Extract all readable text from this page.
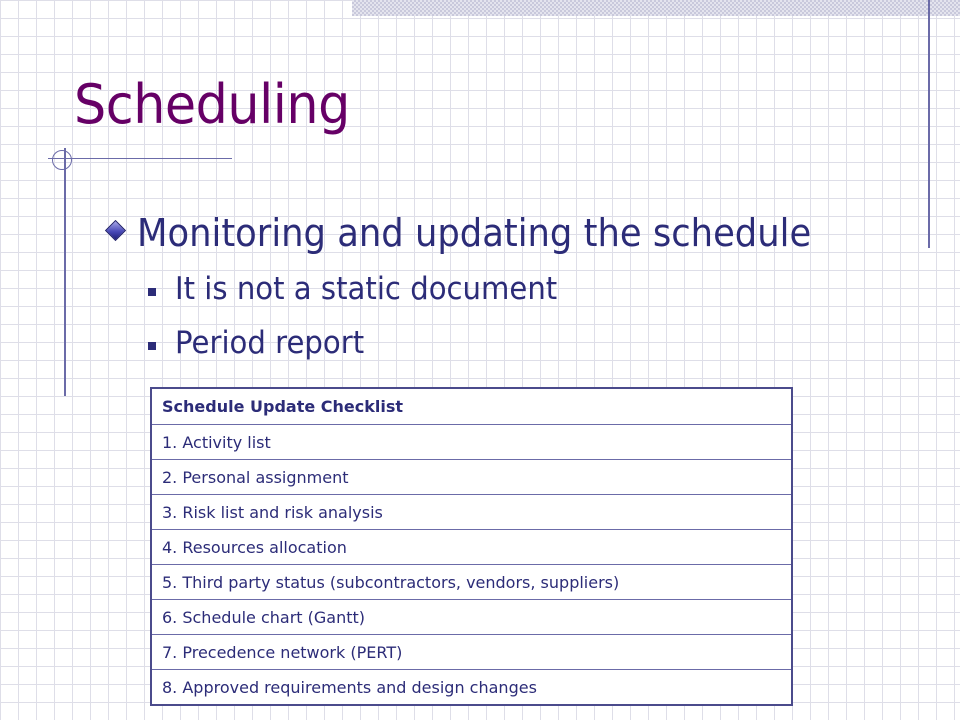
Scheduling
Monitoring and updating the schedule
It is not a static document
Period report
Schedule Update Checklist
1. Activity list
2. Personal assignment
3. Risk list and risk analysis
4. Resources allocation
5. Third party status (subcontractors, vendors, suppliers)
6. Schedule chart (Gantt)
7. Precedence network (PERT)
8. Approved requirements and design changes
